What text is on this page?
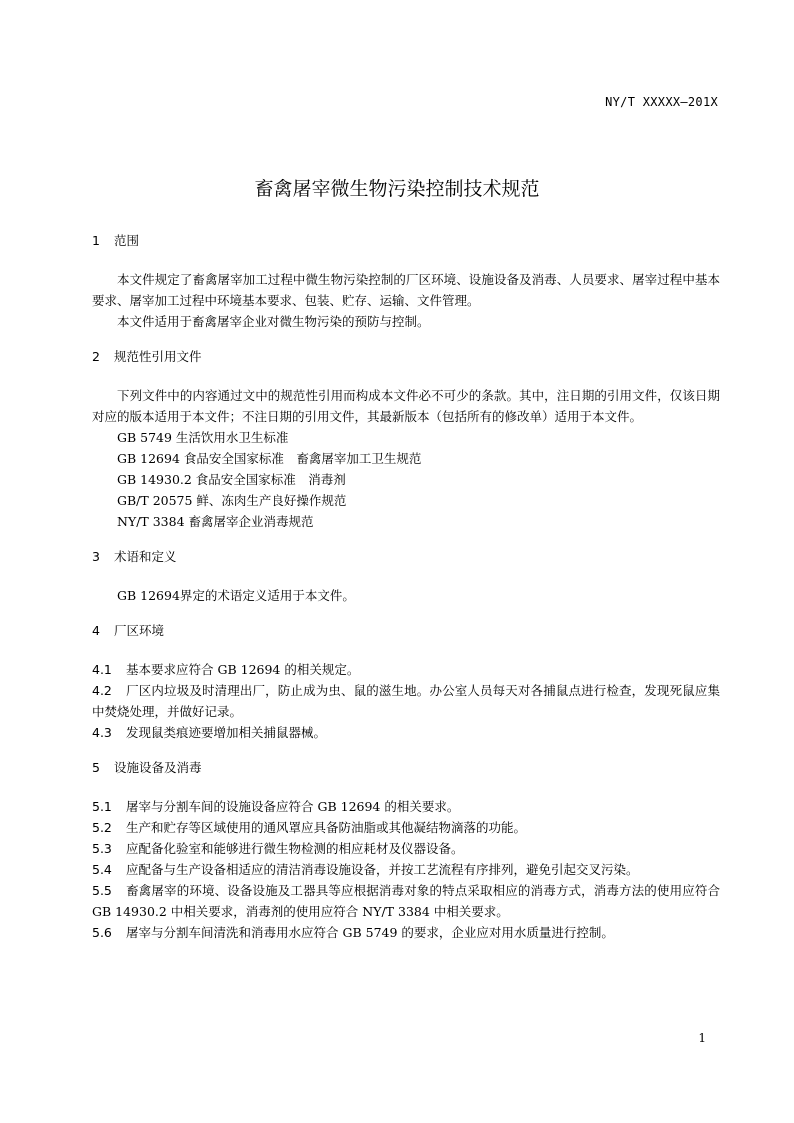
NY/T XXXXX—201X
畜禽屠宰微生物污染控制技术规范

1 范围

本文件规定了畜禽屠宰加工过程中微生物污染控制的厂区环境、设施设备及消毒、人员要求、屠宰过程中基本要求、屠宰加工过程中环境基本要求、包装、贮存、运输、文件管理。

本文件适用于畜禽屠宰企业对微生物污染的预防与控制。

2 规范性引用文件

下列文件中的内容通过文中的规范性引用而构成本文件必不可少的条款。其中，注日期的引用文件，仅该日期对应的版本适用于本文件；不注日期的引用文件，其最新版本（包括所有的修改单）适用于本文件。

GB 5749 生活饮用水卫生标准

GB 12694 食品安全国家标准　畜禽屠宰加工卫生规范

GB 14930.2 食品安全国家标准　消毒剂

GB/T 20575 鲜、冻肉生产良好操作规范

NY/T 3384 畜禽屠宰企业消毒规范

3 术语和定义

GB 12694界定的术语定义适用于本文件。

4 厂区环境

4.1 基本要求应符合 GB 12694 的相关规定。

4.2 厂区内垃圾及时清理出厂，防止成为虫、鼠的滋生地。办公室人员每天对各捕鼠点进行检查，发现死鼠应集中焚烧处理，并做好记录。

4.3 发现鼠类痕迹要增加相关捕鼠器械。

5 设施设备及消毒

5.1 屠宰与分割车间的设施设备应符合 GB 12694 的相关要求。

5.2 生产和贮存等区域使用的通风罩应具备防油脂或其他凝结物滴落的功能。

5.3 应配备化验室和能够进行微生物检测的相应耗材及仪器设备。

5.4 应配备与生产设备相适应的清洁消毒设施设备，并按工艺流程有序排列，避免引起交叉污染。

5.5 畜禽屠宰的环境、设备设施及工器具等应根据消毒对象的特点采取相应的消毒方式，消毒方法的使用应符合 GB 14930.2 中相关要求，消毒剂的使用应符合 NY/T 3384 中相关要求。

5.6 屠宰与分割车间清洗和消毒用水应符合 GB 5749 的要求，企业应对用水质量进行控制。

1
